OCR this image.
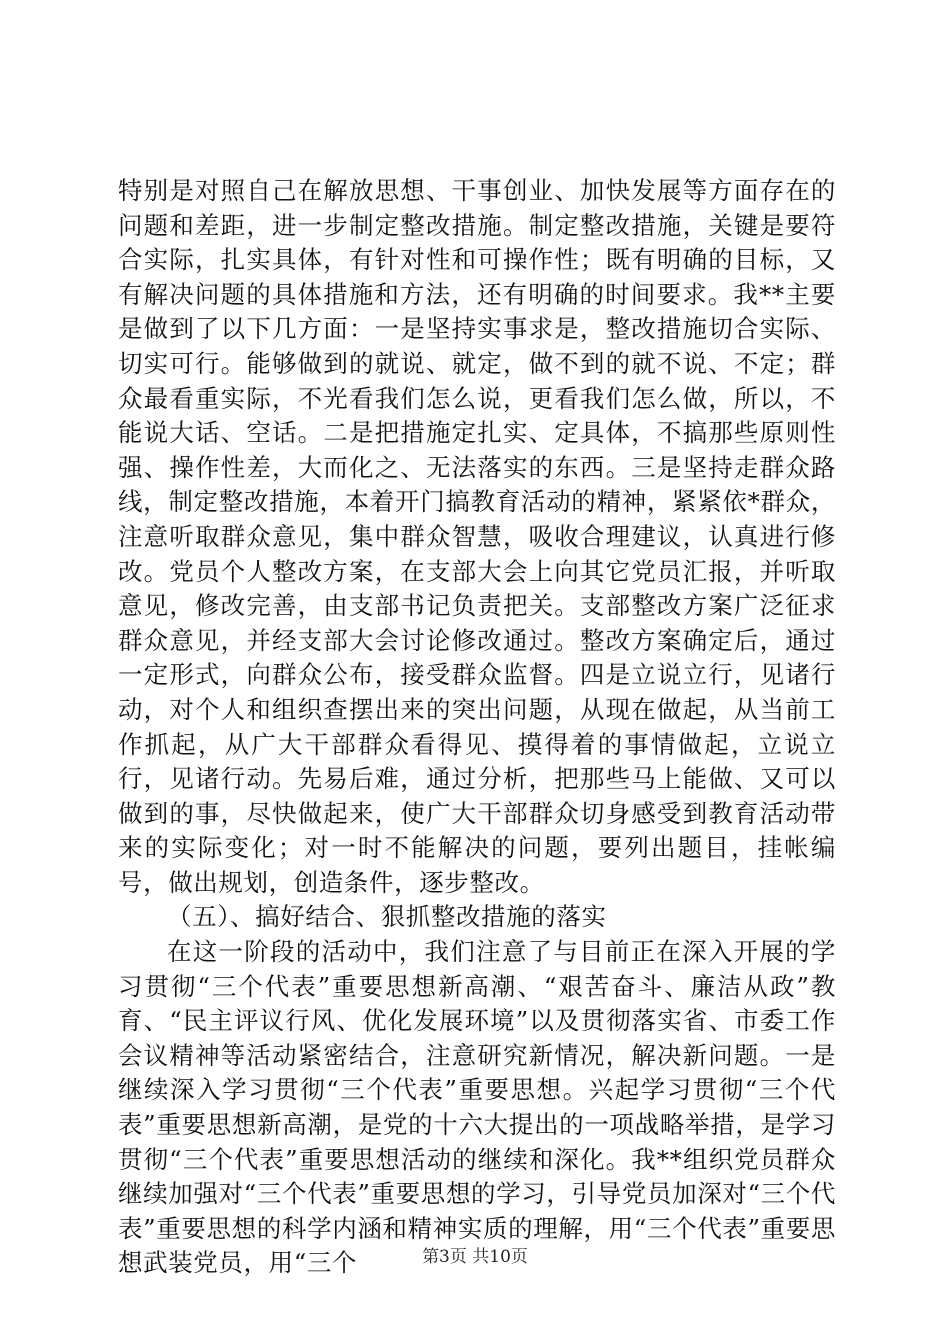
特别是对照自己在解放思想、干事创业、加快发展等方面存在的问题和差距，进一步制定整改措施。制定整改措施，关键是要符合实际，扎实具体，有针对性和可操作性；既有明确的目标，又有解决问题的具体措施和方法，还有明确的时间要求。我**主要是做到了以下几方面：一是坚持实事求是，整改措施切合实际、切实可行。能够做到的就说、就定，做不到的就不说、不定；群众最看重实际，不光看我们怎么说，更看我们怎么做，所以，不能说大话、空话。二是把措施定扎实、定具体，不搞那些原则性强、操作性差，大而化之、无法落实的东西。三是坚持走群众路线，制定整改措施，本着开门搞教育活动的精神，紧紧依*群众，注意听取群众意见，集中群众智慧，吸收合理建议，认真进行修改。党员个人整改方案，在支部大会上向其它党员汇报，并听取意见，修改完善，由支部书记负责把关。支部整改方案广泛征求群众意见，并经支部大会讨论修改通过。整改方案确定后，通过一定形式，向群众公布，接受群众监督。四是立说立行，见诸行动，对个人和组织查摆出来的突出问题，从现在做起，从当前工作抓起，从广大干部群众看得见、摸得着的事情做起，立说立行，见诸行动。先易后难，通过分析，把那些马上能做、又可以做到的事，尽快做起来，使广大干部群众切身感受到教育活动带来的实际变化；对一时不能解决的问题，要列出题目，挂帐编号，做出规划，创造条件，逐步整改。

（五）、搞好结合、狠抓整改措施的落实

在这一阶段的活动中，我们注意了与目前正在深入开展的学习贯彻“三个代表”重要思想新高潮、“艰苦奋斗、廉洁从政”教育、“民主评议行风、优化发展环境”以及贯彻落实省、市委工作会议精神等活动紧密结合，注意研究新情况，解决新问题。一是继续深入学习贯彻“三个代表”重要思想。兴起学习贯彻“三个代表”重要思想新高潮，是党的十六大提出的一项战略举措，是学习贯彻“三个代表”重要思想活动的继续和深化。我**组织党员群众继续加强对“三个代表”重要思想的学习，引导党员加深对“三个代表”重要思想的科学内涵和精神实质的理解，用“三个代表”重要思想武装党员，用“三个	第3页 共10页
